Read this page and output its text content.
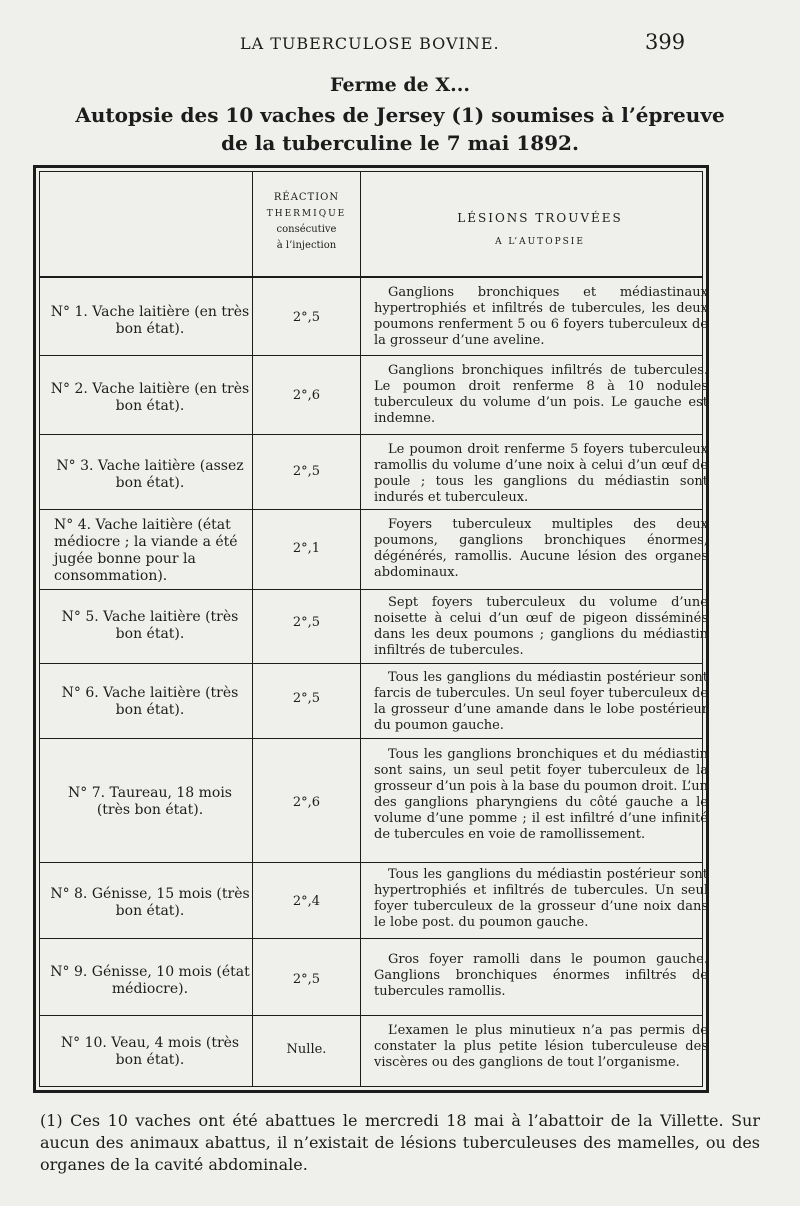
LA TUBERCULOSE BOVINE.	399
Ferme de X...
Autopsie des 10 vaches de Jersey (1) soumises à l’épreuve
de la tuberculine le 7 mai 1892.
RÉACTION
THERMIQUE
consécutive
à l’injection
LÉSIONS TROUVÉES
A L’AUTOPSIE
N° 1. Vache laitière (en très bon état).
2°,5
Ganglions bronchiques et médiastinaux hypertrophiés et infiltrés de tubercules, les deux poumons renferment 5 ou 6 foyers tuberculeux de la grosseur d’une aveline.
N° 2. Vache laitière (en très bon état).
2°,6
Ganglions bronchiques infiltrés de tubercules. Le poumon droit renferme 8 à 10 nodules tuberculeux du volume d’un pois. Le gauche est indemne.
N° 3. Vache laitière (assez bon état).
2°,5
Le poumon droit renferme 5 foyers tuberculeux ramollis du volume d’une noix à celui d’un œuf de poule ; tous les ganglions du médiastin sont indurés et tuberculeux.
N° 4. Vache laitière (état médiocre ; la viande a été jugée bonne pour la consommation).
2°,1
Foyers tuberculeux multiples des deux poumons, ganglions bronchiques énormes, dégénérés, ramollis. Aucune lésion des organes abdominaux.
N° 5. Vache laitière (très bon état).
2°,5
Sept foyers tuberculeux du volume d’une noisette à celui d’un œuf de pigeon disséminés dans les deux poumons ; ganglions du médiastin infiltrés de tubercules.
N° 6. Vache laitière (très bon état).
2°,5
Tous les ganglions du médiastin postérieur sont farcis de tubercules. Un seul foyer tuberculeux de la grosseur d’une amande dans le lobe postérieur du poumon gauche.
N° 7. Taureau, 18 mois (très bon état).	2°,6
Tous les ganglions bronchiques et du médiastin sont sains, un seul petit foyer tuberculeux de la grosseur d’un pois à la base du poumon droit. L’un des ganglions pharyngiens du côté gauche a le volume d’une pomme ; il est infiltré d’une infinité de tubercules en voie de ramollissement.
N° 8. Génisse, 15 mois (très bon état).
2°,4
Tous les ganglions du médiastin postérieur sont hypertrophiés et infiltrés de tubercules. Un seul foyer tuberculeux de la grosseur d’une noix dans le lobe post. du poumon gauche.
N° 9. Génisse, 10 mois (état médiocre).
2°,5
Gros foyer ramolli dans le poumon gauche. Ganglions bronchiques énormes infiltrés de tubercules ramollis.
N° 10. Veau, 4 mois (très bon état).
Nulle.
L’examen le plus minutieux n’a pas permis de constater la plus petite lésion tuberculeuse des viscères ou des ganglions de tout l’organisme.
(1) Ces 10 vaches ont été abattues le mercredi 18 mai à l’abattoir de la Villette. Sur aucun des animaux abattus, il n’existait de lésions tuberculeuses des mamelles, ou des organes de la cavité abdominale.
